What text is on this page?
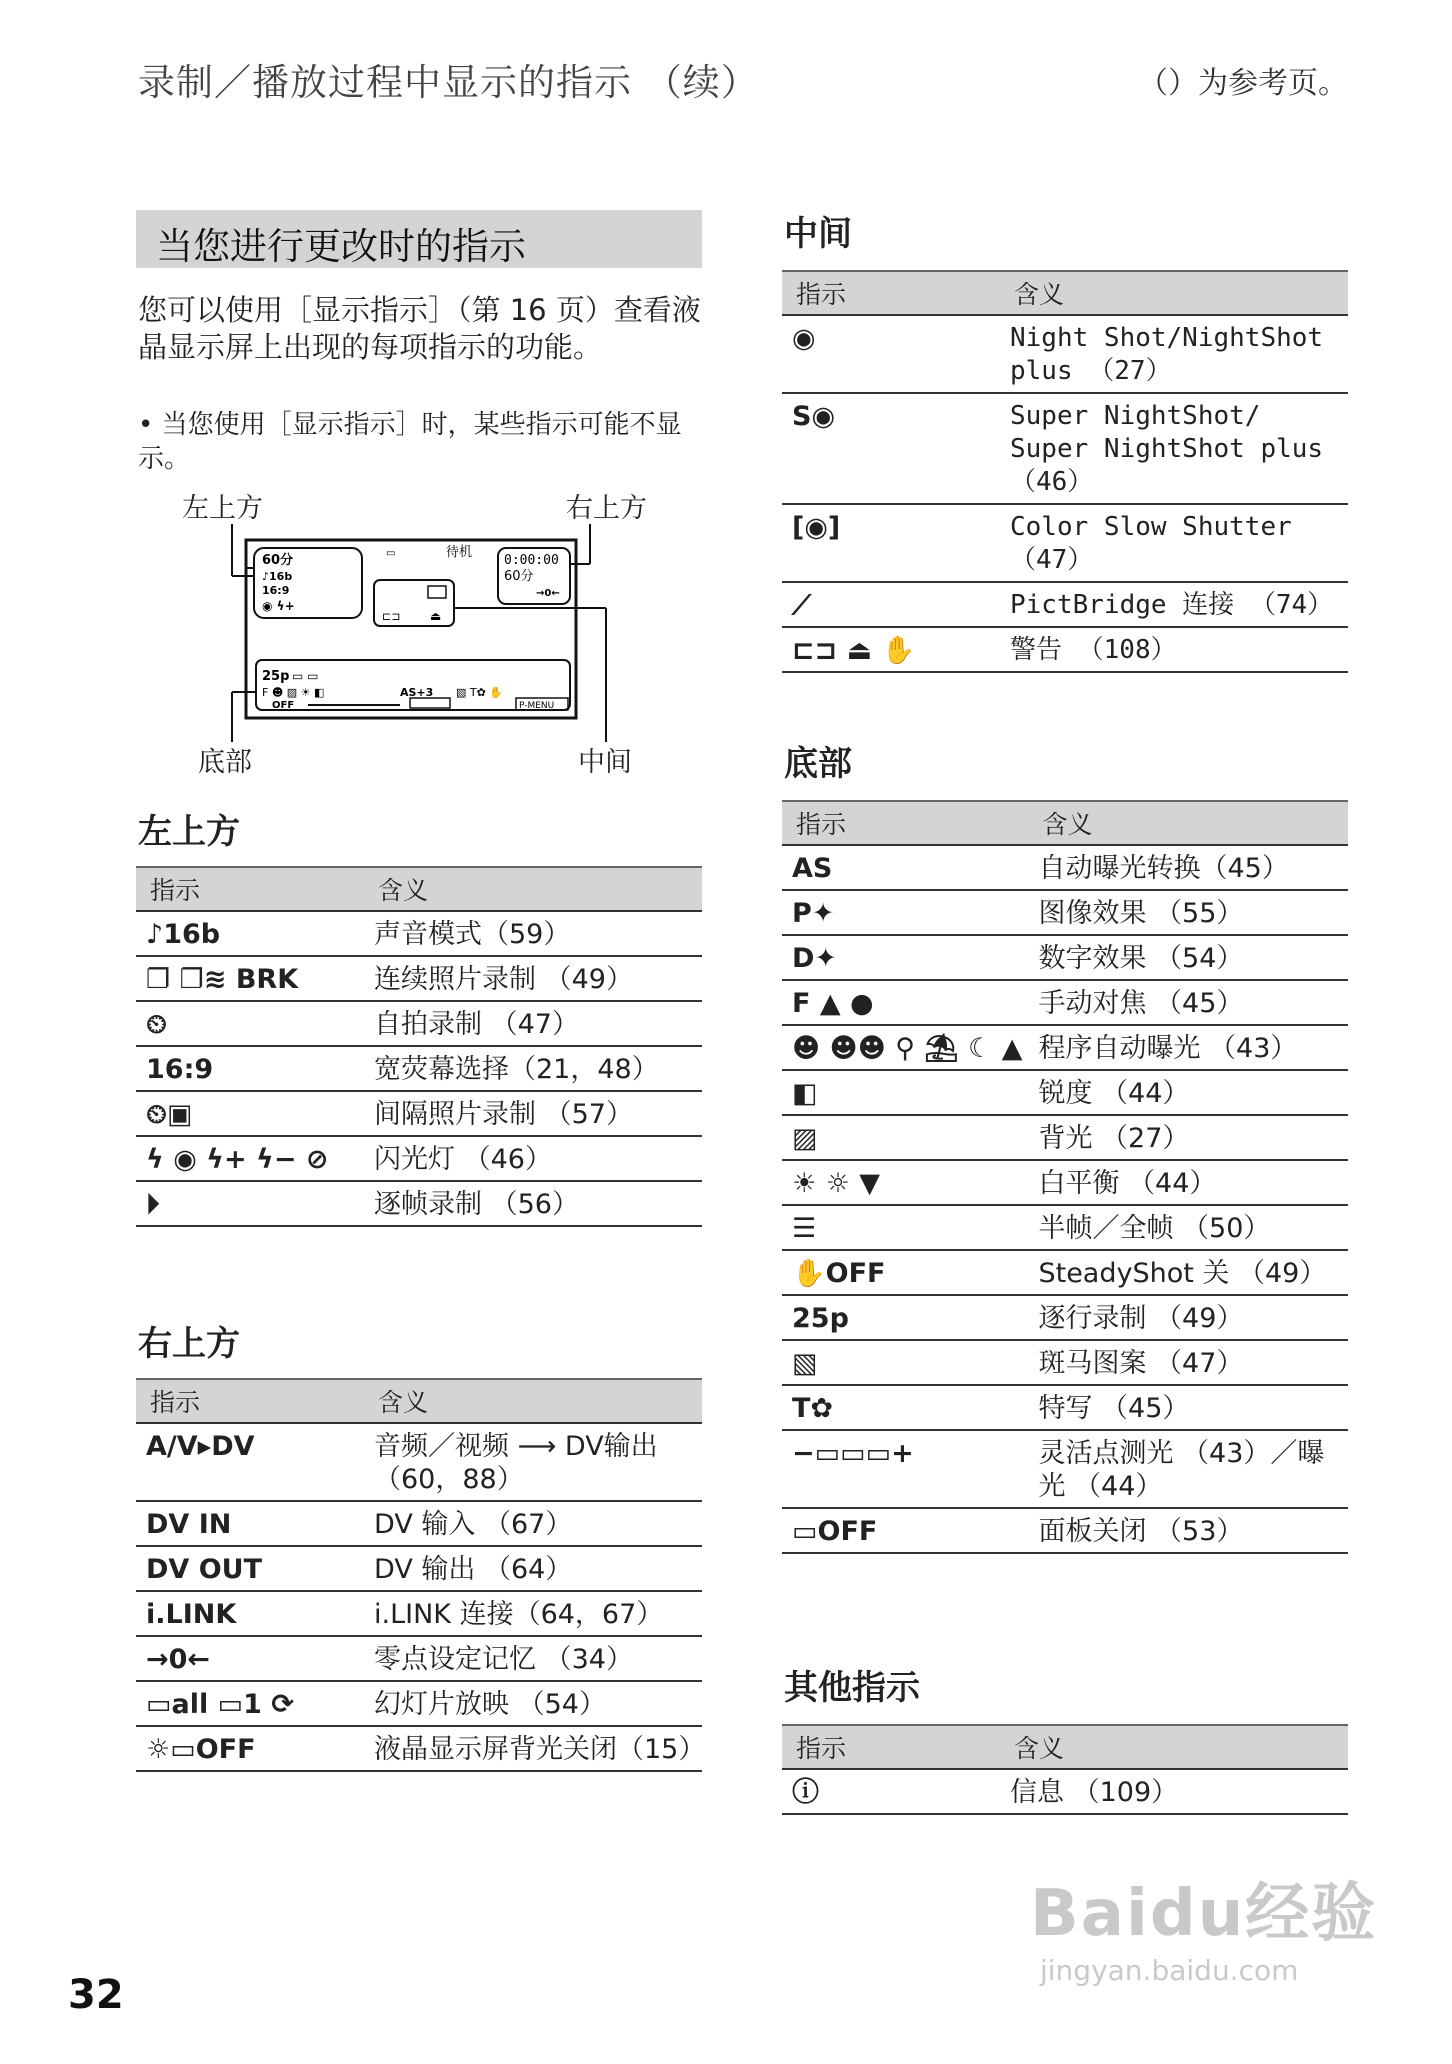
录制／播放过程中显示的指示 （续）	（）为参考页。
当您进行更改时的指示
您可以使用［显示指示］（第 16 页）查看液晶显示屏上出现的每项指示的功能。
• 当您使用［显示指示］时，某些指示可能不显示。
左上方	右上方
底部	中间
60分
♪16b
16:9
◉ ϟ+
▭	待机
0:00:00
60分
→0←
⊏⊐ ⏏
25p ▭ ▭
F ☻ ▨ ☀ ◧	AS+3 ▧ T✿ ✋
OFF	P-MENU
左上方
指示	含义
♪16b	声音模式（59）
❐ ❐≋ BRK	连续照片录制 （49）
⏲	自拍录制 （47）
16:9	宽荧幕选择（21，48）
⏲▣	间隔照片录制 （57）
ϟ ◉ ϟ+ ϟ− ⊘	闪光灯 （46）
⏵	逐帧录制 （56）
右上方
指示	含义
A/V▸DV	音频／视频 ⟶ DV输出（60，88）
DV IN	DV 输入 （67）
DV OUT	DV 输出 （64）
i.LINK	i.LINK 连接（64，67）
→0←	零点设定记忆 （34）
▭all ▭1 ⟳	幻灯片放映 （54）
☼▭OFF	液晶显示屏背光关闭（15）
中间
指示	含义
◉	Night Shot/NightShot plus （27）
S◉	Super NightShot/ Super NightShot plus （46）
[◉]	Color Slow Shutter （47）
⟋	PictBridge 连接 （74）
⊏⊐ ⏏ ✋	警告 （108）
底部
指示	含义
AS	自动曝光转换（45）
P✦	图像效果 （55）
D✦	数字效果 （54）
F ▲ ●	手动对焦 （45）
☻ ☻☻ ⚲ ⛱ ☾ ▲	程序自动曝光 （43）
◧	锐度 （44）
▨	背光 （27）
☀ ☼ ▼	白平衡 （44）
☰	半帧／全帧 （50）
✋OFF	SteadyShot 关 （49）
25p	逐行录制 （49）
▧	斑马图案 （47）
T✿	特写 （45）
−▭▭▭+	灵活点测光 （43）／曝光 （44）
▭OFF	面板关闭 （53）
其他指示
指示	含义
ⓘ	信息 （109）
32
Baidu经验
jingyan.baidu.com
